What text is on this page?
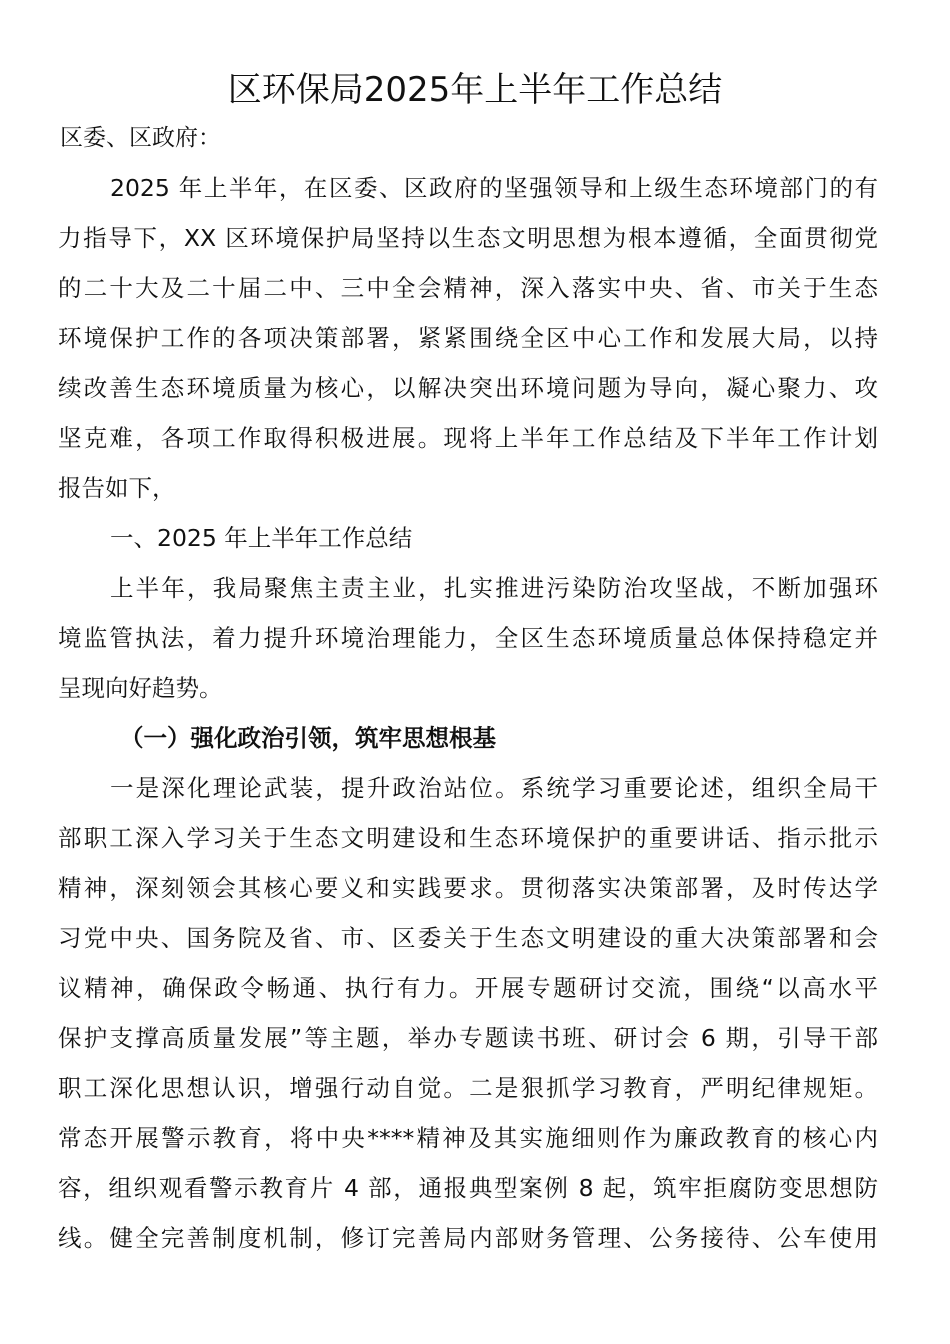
区环保局2025年上半年工作总结
区委、区政府：
2025 年上半年，在区委、区政府的坚强领导和上级生态环境部门的有
力指导下，XX 区环境保护局坚持以生态文明思想为根本遵循，全面贯彻党
的二十大及二十届二中、三中全会精神，深入落实中央、省、市关于生态
环境保护工作的各项决策部署，紧紧围绕全区中心工作和发展大局，以持
续改善生态环境质量为核心，以解决突出环境问题为导向，凝心聚力、攻
坚克难，各项工作取得积极进展。现将上半年工作总结及下半年工作计划
报告如下，
一、2025 年上半年工作总结
上半年，我局聚焦主责主业，扎实推进污染防治攻坚战，不断加强环
境监管执法，着力提升环境治理能力，全区生态环境质量总体保持稳定并
呈现向好趋势。
（一）强化政治引领，筑牢思想根基
一是深化理论武装，提升政治站位。系统学习重要论述，组织全局干
部职工深入学习关于生态文明建设和生态环境保护的重要讲话、指示批示
精神，深刻领会其核心要义和实践要求。贯彻落实决策部署，及时传达学
习党中央、国务院及省、市、区委关于生态文明建设的重大决策部署和会
议精神，确保政令畅通、执行有力。开展专题研讨交流，围绕“以高水平
保护支撑高质量发展”等主题，举办专题读书班、研讨会 6 期，引导干部
职工深化思想认识，增强行动自觉。二是狠抓学习教育，严明纪律规矩。
常态开展警示教育，将中央****精神及其实施细则作为廉政教育的核心内
容，组织观看警示教育片 4 部，通报典型案例 8 起，筑牢拒腐防变思想防
线。健全完善制度机制，修订完善局内部财务管理、公务接待、公车使用
